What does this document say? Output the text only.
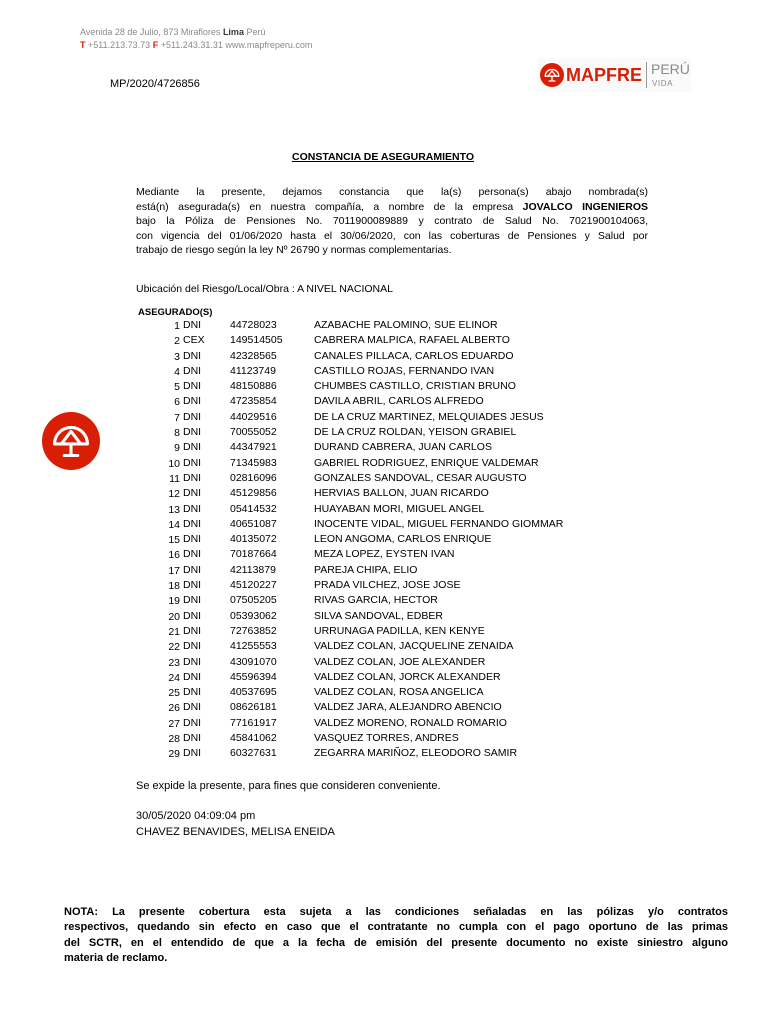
Avenida 28 de Julio, 873 Miraflores Lima Perú
T +511.213.73.73 F +511.243.31.31 www.mapfreperu.com
MP/2020/4726856	MAPFRE PERÚ
VIDA
CONSTANCIA DE ASEGURAMIENTO
Mediante la presente, dejamos constancia que la(s) persona(s) abajo nombrada(s)
está(n) asegurada(s) en nuestra compañía, a nombre de la empresa JOVALCO INGENIEROS
bajo la Póliza de Pensiones No. 7011900089889 y contrato de Salud No. 7021900104063,
con vigencia del 01/06/2020 hasta el 30/06/2020, con las coberturas de Pensiones y Salud por
trabajo de riesgo según la ley Nº 26790 y normas complementarias.
Ubicación del Riesgo/Local/Obra : A NIVEL NACIONAL
ASEGURADO(S)
1 DNI	44728023	AZABACHE PALOMINO, SUE ELINOR
2 CEX 149514505	CABRERA MALPICA, RAFAEL ALBERTO
3 DNI	42328565	CANALES PILLACA, CARLOS EDUARDO
4 DNI	41123749	CASTILLO ROJAS, FERNANDO IVAN
5 DNI	48150886	CHUMBES CASTILLO, CRISTIAN BRUNO
6 DNI	47235854	DAVILA ABRIL, CARLOS ALFREDO
7 DNI	44029516	DE LA CRUZ MARTINEZ, MELQUIADES JESUS
8 DNI	70055052	DE LA CRUZ ROLDAN, YEISON GRABIEL
9 DNI	44347921	DURAND CABRERA, JUAN CARLOS
10 DNI	71345983	GABRIEL RODRIGUEZ, ENRIQUE VALDEMAR
11 DNI	02816096	GONZALES SANDOVAL, CESAR AUGUSTO
12 DNI	45129856	HERVIAS BALLON, JUAN RICARDO
13 DNI	05414532	HUAYABAN MORI, MIGUEL ANGEL
14 DNI	40651087	INOCENTE VIDAL, MIGUEL FERNANDO GIOMMAR
15 DNI	40135072	LEON ANGOMA, CARLOS ENRIQUE
16 DNI	70187664	MEZA LOPEZ, EYSTEN IVAN
17 DNI	42113879	PAREJA CHIPA, ELIO
18 DNI	45120227	PRADA VILCHEZ, JOSE JOSE
19 DNI	07505205	RIVAS GARCIA, HECTOR
20 DNI	05393062	SILVA SANDOVAL, EDBER
21 DNI	72763852	URRUNAGA PADILLA, KEN KENYE
22 DNI	41255553	VALDEZ COLAN, JACQUELINE ZENAIDA
23 DNI	43091070	VALDEZ COLAN, JOE ALEXANDER
24 DNI	45596394	VALDEZ COLAN, JORCK ALEXANDER
25 DNI	40537695	VALDEZ COLAN, ROSA ANGELICA
26 DNI	08626181	VALDEZ JARA, ALEJANDRO ABENCIO
27 DNI	77161917	VALDEZ MORENO, RONALD ROMARIO
28 DNI	45841062	VASQUEZ TORRES, ANDRES
29 DNI	60327631	ZEGARRA MARIÑOZ, ELEODORO SAMIR
Se expide la presente, para fines que consideren conveniente.
30/05/2020 04:09:04 pm
CHAVEZ BENAVIDES, MELISA ENEIDA
NOTA: La presente cobertura esta sujeta a las condiciones señaladas en las pólizas y/o contratos
respectivos, quedando sin efecto en caso que el contratante no cumpla con el pago oportuno de las primas
del SCTR, en el entendido de que a la fecha de emisión del presente documento no existe siniestro alguno
materia de reclamo.
